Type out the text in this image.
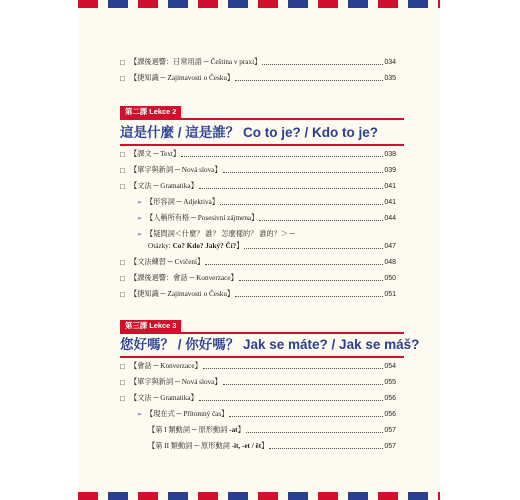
□ 【課後迴響：日常用語 ─ Čeština v praxi】	034
□ 【捷知識 ─ Zajímavosti o Česku】	035
第二課 Lekce 2
這是什麼 / 這是誰？ Co to je? / Kdo to je?
□ 【課文 ─ Text】	038
□ 【單字與新詞 ─ Nová slova】	039
□ 【文法 ─ Gramatika】	041
➢ 【形容詞 ─ Adjektiva】	041
➢ 【人稱所有格 ─ Posesivní zájmena】	044
➢ 【疑問詞＜什麼？ 誰？ 怎麼樣的？ 誰的？＞ ─
Otázky: Co? Kdo? Jaký? Čí?】	047
□ 【文法練習 ─ Cvičení】	048
□ 【課後迴響：會話 ─ Konverzace】	050
□ 【捷知識 ─ Zajímavosti o Česku】	051
第三課 Lekce 3
您好嗎？ / 你好嗎？ Jak se máte? / Jak se máš?
□ 【會話 ─ Konverzace】	054
□ 【單字與新詞 ─ Nová slova】	055
□ 【文法 ─ Gramatika】	056
➢ 【現在式 ─ Přítomný čas】	056
【第 I 類動詞 ─ 原形動詞 -at】	057
【第 II 類動詞 ─ 原形動詞 -it, -et / ět】	057
